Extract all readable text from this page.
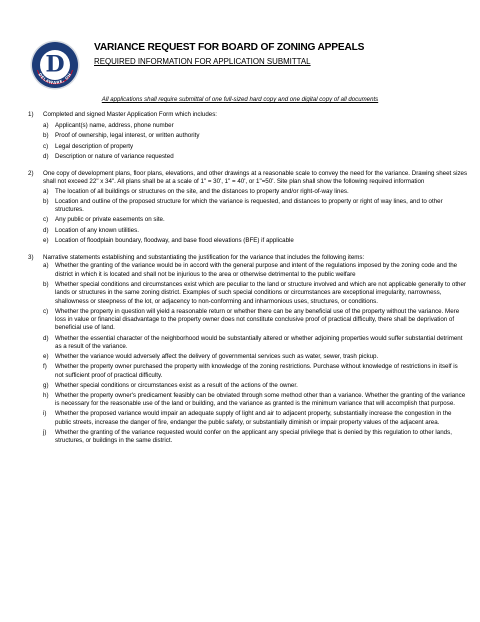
D
DELAWARE, OH
VARIANCE REQUEST FOR BOARD OF ZONING APPEALS
REQUIRED INFORMATION FOR APPLICATION SUBMITTAL
All applications shall require submittal of one full-sized hard copy and one digital copy of all documents
1)	Completed and signed Master Application Form which includes:
a)	Applicant(s) name, address, phone number
b)	Proof of ownership, legal interest, or written authority
c)	Legal description of property
d)	Description or nature of variance requested
2)	One copy of development plans, floor plans, elevations, and other drawings at a reasonable scale to convey the need for the variance. Drawing sheet sizes shall not exceed 22" x 34". All plans shall be at a scale of 1" = 30', 1" = 40', or 1"=50'. Site plan shall show the following required information
a)	The location of all buildings or structures on the site, and the distances to property and/or right-of-way lines.
b)	Location and outline of the proposed structure for which the variance is requested, and distances to property or right of way lines, and to other structures.
c)	Any public or private easements on site.
d)	Location of any known utilities.
e)	Location of floodplain boundary, floodway, and base flood elevations (BFE) if applicable
3)	Narrative statements establishing and substantiating the justification for the variance that includes the following items:
a)	Whether the granting of the variance would be in accord with the general purpose and intent of the regulations imposed by the zoning code and the district in which it is located and shall not be injurious to the area or otherwise detrimental to the public welfare
b)	Whether special conditions and circumstances exist which are peculiar to the land or structure involved and which are not applicable generally to other lands or structures in the same zoning district. Examples of such special conditions or circumstances are exceptional irregularity, narrowness, shallowness or steepness of the lot, or adjacency to non-conforming and inharmonious uses, structures, or conditions.
c)	Whether the property in question will yield a reasonable return or whether there can be any beneficial use of the property without the variance. Mere loss in value or financial disadvantage to the property owner does not constitute conclusive proof of practical difficulty, there shall be deprivation of beneficial use of land.
d)	Whether the essential character of the neighborhood would be substantially altered or whether adjoining properties would suffer substantial detriment as a result of the variance.
e)	Whether the variance would adversely affect the delivery of governmental services such as water, sewer, trash pickup.
f)	Whether the property owner purchased the property with knowledge of the zoning restrictions. Purchase without knowledge of restrictions in itself is not sufficient proof of practical difficulty.
g)	Whether special conditions or circumstances exist as a result of the actions of the owner.
h)	Whether the property owner's predicament feasibly can be obviated through some method other than a variance. Whether the granting of the variance is necessary for the reasonable use of the land or building, and the variance as granted is the minimum variance that will accomplish that purpose.
i)	Whether the proposed variance would impair an adequate supply of light and air to adjacent property, substantially increase the congestion in the public streets, increase the danger of fire, endanger the public safety, or substantially diminish or impair property values of the adjacent area.
j)	Whether the granting of the variance requested would confer on the applicant any special privilege that is denied by this regulation to other lands, structures, or buildings in the same district.
